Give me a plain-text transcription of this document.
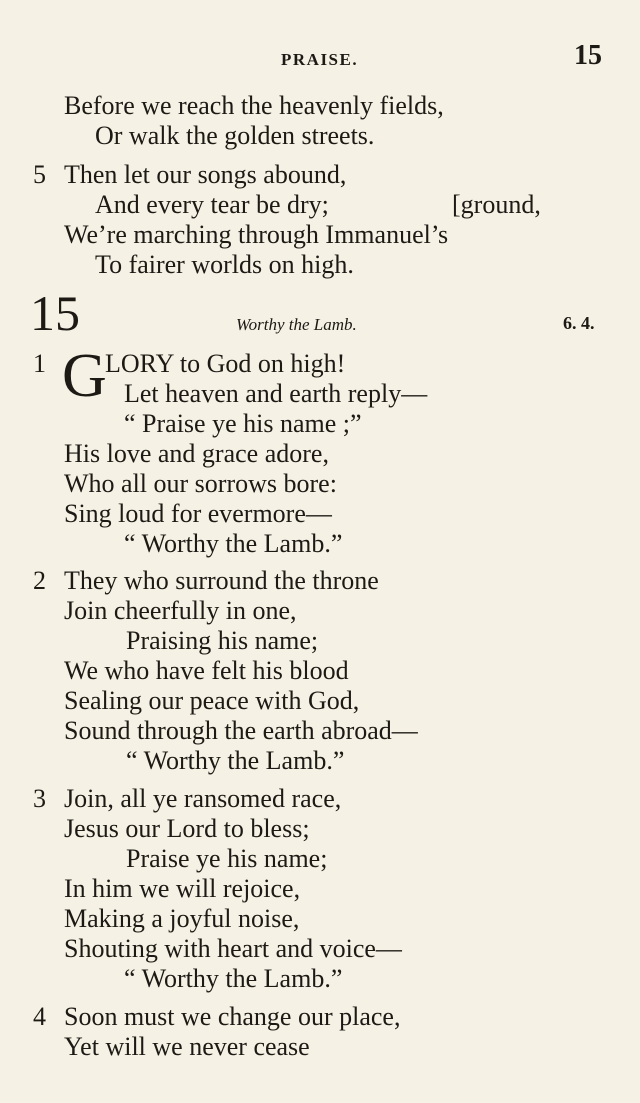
PRAISE.	15
Before we reach the heavenly fields,
Or walk the golden streets.
5 Then let our songs abound,
And every tear be dry;	[ground,
We’re marching through Immanuel’s
To fairer worlds on high.
15	Worthy the Lamb.	6. 4.
1 G
LORY to God on high!
Let heaven and earth reply—
“ Praise ye his name ;”
His love and grace adore,
Who all our sorrows bore:
Sing loud for evermore—
“ Worthy the Lamb.”
2 They who surround the throne
Join cheerfully in one,
Praising his name;
We who have felt his blood
Sealing our peace with God,
Sound through the earth abroad—
“ Worthy the Lamb.”
3 Join, all ye ransomed race,
Jesus our Lord to bless;
Praise ye his name;
In him we will rejoice,
Making a joyful noise,
Shouting with heart and voice—
“ Worthy the Lamb.”
4 Soon must we change our place,
Yet will we never cease
